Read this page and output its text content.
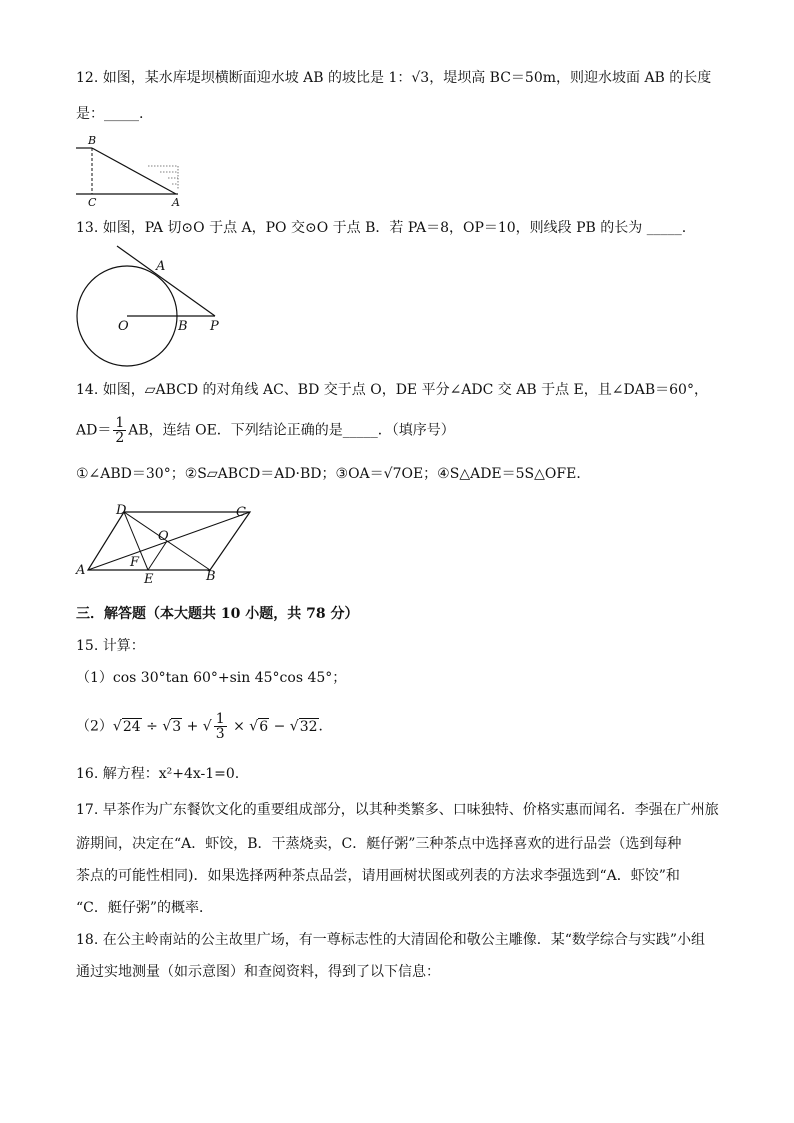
12. 如图，某水库堤坝横断面迎水坡 AB 的坡比是 1：√3，堤坝高 BC＝50m，则迎水坡面 AB 的长度
是：_____.
B
C	A
13. 如图，PA 切⊙O 于点 A，PO 交⊙O 于点 B．若 PA＝8，OP＝10，则线段 PB 的长为 _____.
A
O	B P
14. 如图，▱ABCD 的对角线 AC、BD 交于点 O，DE 平分∠ADC 交 AB 于点 E，且∠DAB＝60°，
$AD= \frac{1}{2}$ AB，连结 OE．下列结论正确的是_____．（填序号）
①∠ABD＝30°；②S▱ABCD＝AD·BD；③OA＝√7OE；④S△ADE＝5S△OFE．
D	C
O
F
A
E	B
三．解答题（本大题共 10 小题，共 78 分）
15. 计算：
（1）cos 30°tan 60°+sin 45°cos 45°；
（2）√24 ÷ √3 + √ $\frac{1}{3} \times √6 - √32$．
16. 解方程：x²+4x-1=0.
17. 早茶作为广东餐饮文化的重要组成部分，以其种类繁多、口味独特、价格实惠而闻名．李强在广州旅
游期间，决定在“A．虾饺，B．干蒸烧卖，C．艇仔粥”三种茶点中选择喜欢的进行品尝（选到每种
茶点的可能性相同)．如果选择两种茶点品尝，请用画树状图或列表的方法求李强选到“A．虾饺”和
“C．艇仔粥”的概率．
18. 在公主岭南站的公主故里广场，有一尊标志性的大清固伦和敬公主雕像．某“数学综合与实践”小组
通过实地测量（如示意图）和查阅资料，得到了以下信息：
